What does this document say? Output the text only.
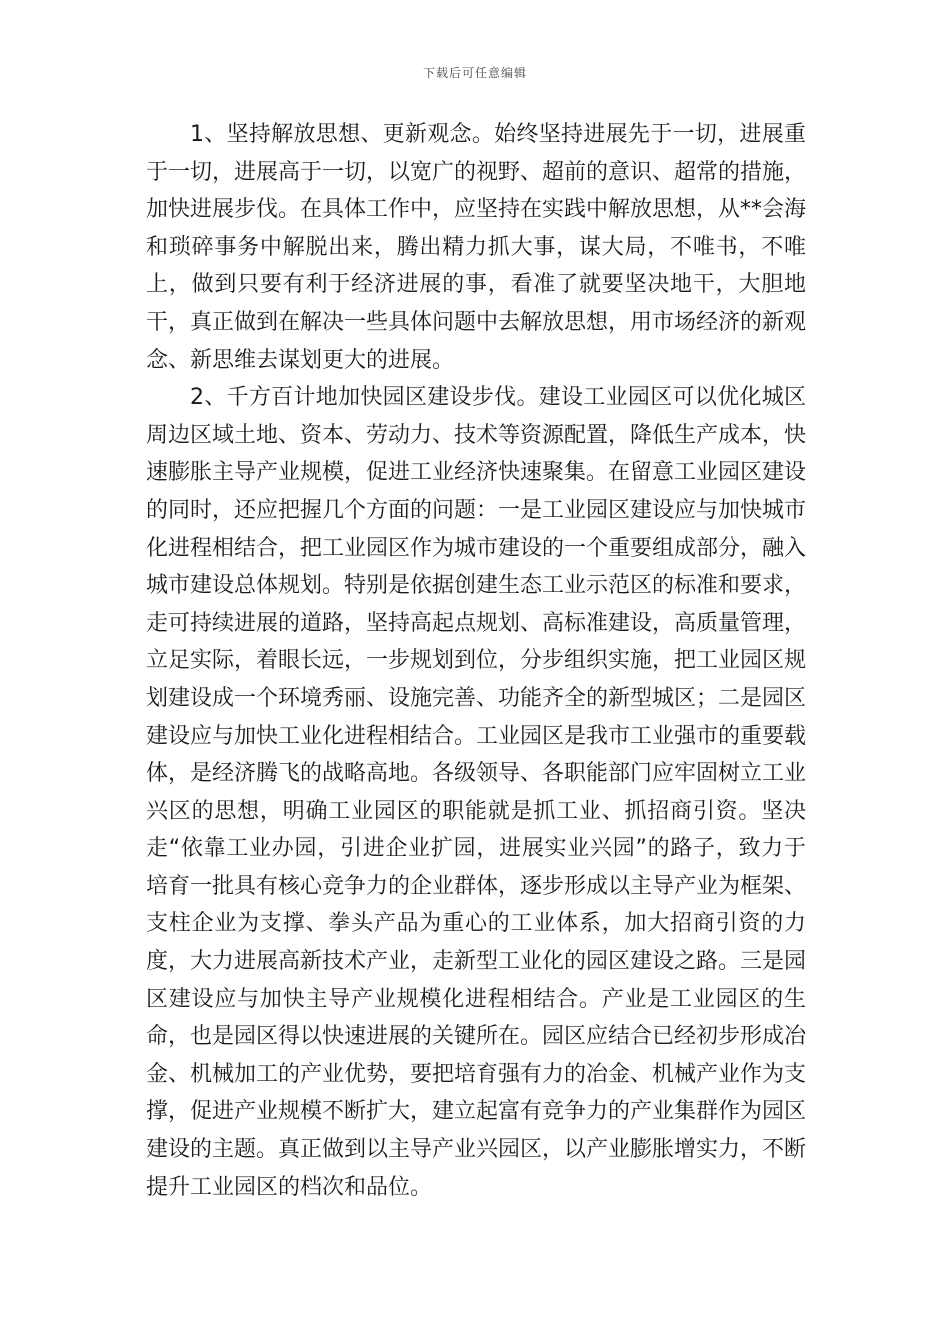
下载后可任意编辑

1、坚持解放思想、更新观念。始终坚持进展先于一切，进展重于一切，进展高于一切，以宽广的视野、超前的意识、超常的措施，加快进展步伐。在具体工作中，应坚持在实践中解放思想，从**会海和琐碎事务中解脱出来，腾出精力抓大事，谋大局，不唯书，不唯上，做到只要有利于经济进展的事，看准了就要坚决地干，大胆地干，真正做到在解决一些具体问题中去解放思想，用市场经济的新观念、新思维去谋划更大的进展。

2、千方百计地加快园区建设步伐。建设工业园区可以优化城区周边区域土地、资本、劳动力、技术等资源配置，降低生产成本，快速膨胀主导产业规模，促进工业经济快速聚集。在留意工业园区建设的同时，还应把握几个方面的问题：一是工业园区建设应与加快城市化进程相结合，把工业园区作为城市建设的一个重要组成部分，融入城市建设总体规划。特别是依据创建生态工业示范区的标准和要求，走可持续进展的道路，坚持高起点规划、高标准建设，高质量管理，立足实际，着眼长远，一步规划到位，分步组织实施，把工业园区规划建设成一个环境秀丽、设施完善、功能齐全的新型城区；二是园区建设应与加快工业化进程相结合。工业园区是我市工业强市的重要载体，是经济腾飞的战略高地。各级领导、各职能部门应牢固树立工业兴区的思想，明确工业园区的职能就是抓工业、抓招商引资。坚决走“依靠工业办园，引进企业扩园，进展实业兴园”的路子，致力于培育一批具有核心竞争力的企业群体，逐步形成以主导产业为框架、支柱企业为支撑、拳头产品为重心的工业体系，加大招商引资的力度，大力进展高新技术产业，走新型工业化的园区建设之路。三是园区建设应与加快主导产业规模化进程相结合。产业是工业园区的生命，也是园区得以快速进展的关键所在。园区应结合已经初步形成冶金、机械加工的产业优势，要把培育强有力的冶金、机械产业作为支撑，促进产业规模不断扩大，建立起富有竞争力的产业集群作为园区建设的主题。真正做到以主导产业兴园区，以产业膨胀增实力，不断提升工业园区的档次和品位。
